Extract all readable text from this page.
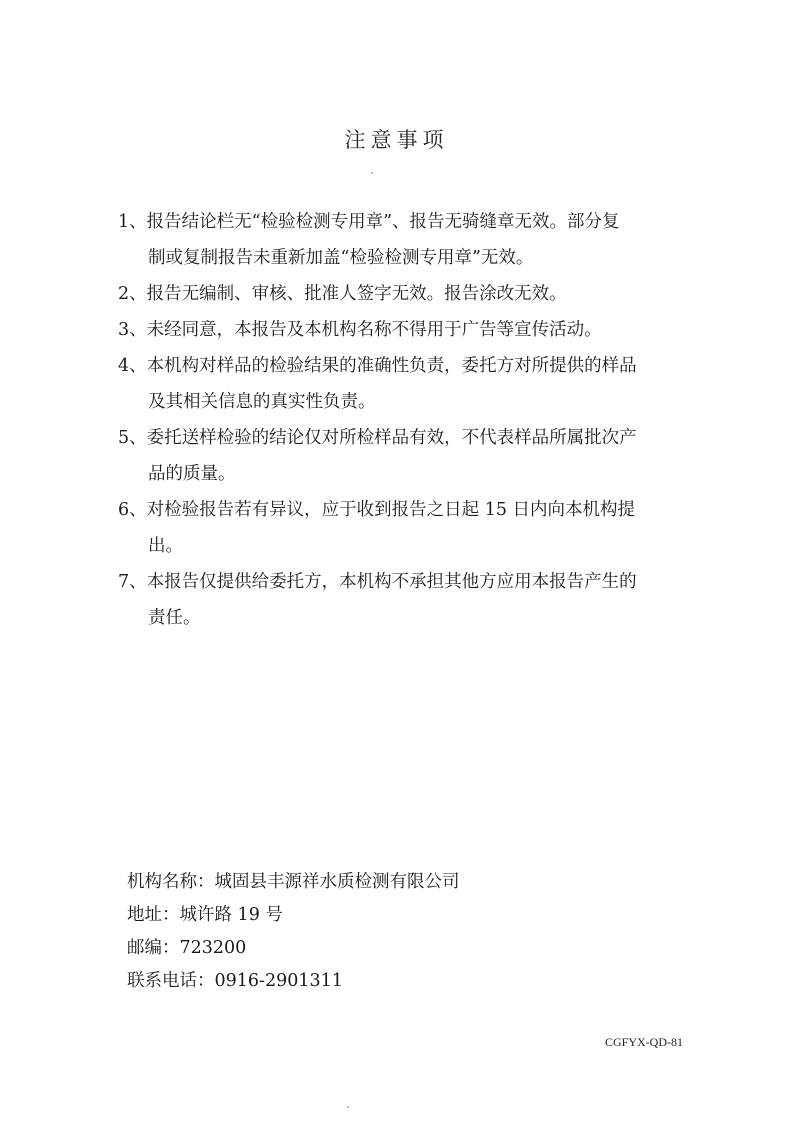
注意事项
1、报告结论栏无“检验检测专用章”、报告无骑缝章无效。部分复
制或复制报告未重新加盖“检验检测专用章”无效。
2、报告无编制、审核、批准人签字无效。报告涂改无效。
3、未经同意，本报告及本机构名称不得用于广告等宣传活动。
4、本机构对样品的检验结果的准确性负责，委托方对所提供的样品
及其相关信息的真实性负责。
5、委托送样检验的结论仅对所检样品有效，不代表样品所属批次产
品的质量。
6、对检验报告若有异议，应于收到报告之日起 15 日内向本机构提
出。
7、本报告仅提供给委托方，本机构不承担其他方应用本报告产生的
责任。
机构名称：城固县丰源祥水质检测有限公司
地址：城许路 19 号
邮编：723200
联系电话：0916-2901311
CGFYX-QD-81
